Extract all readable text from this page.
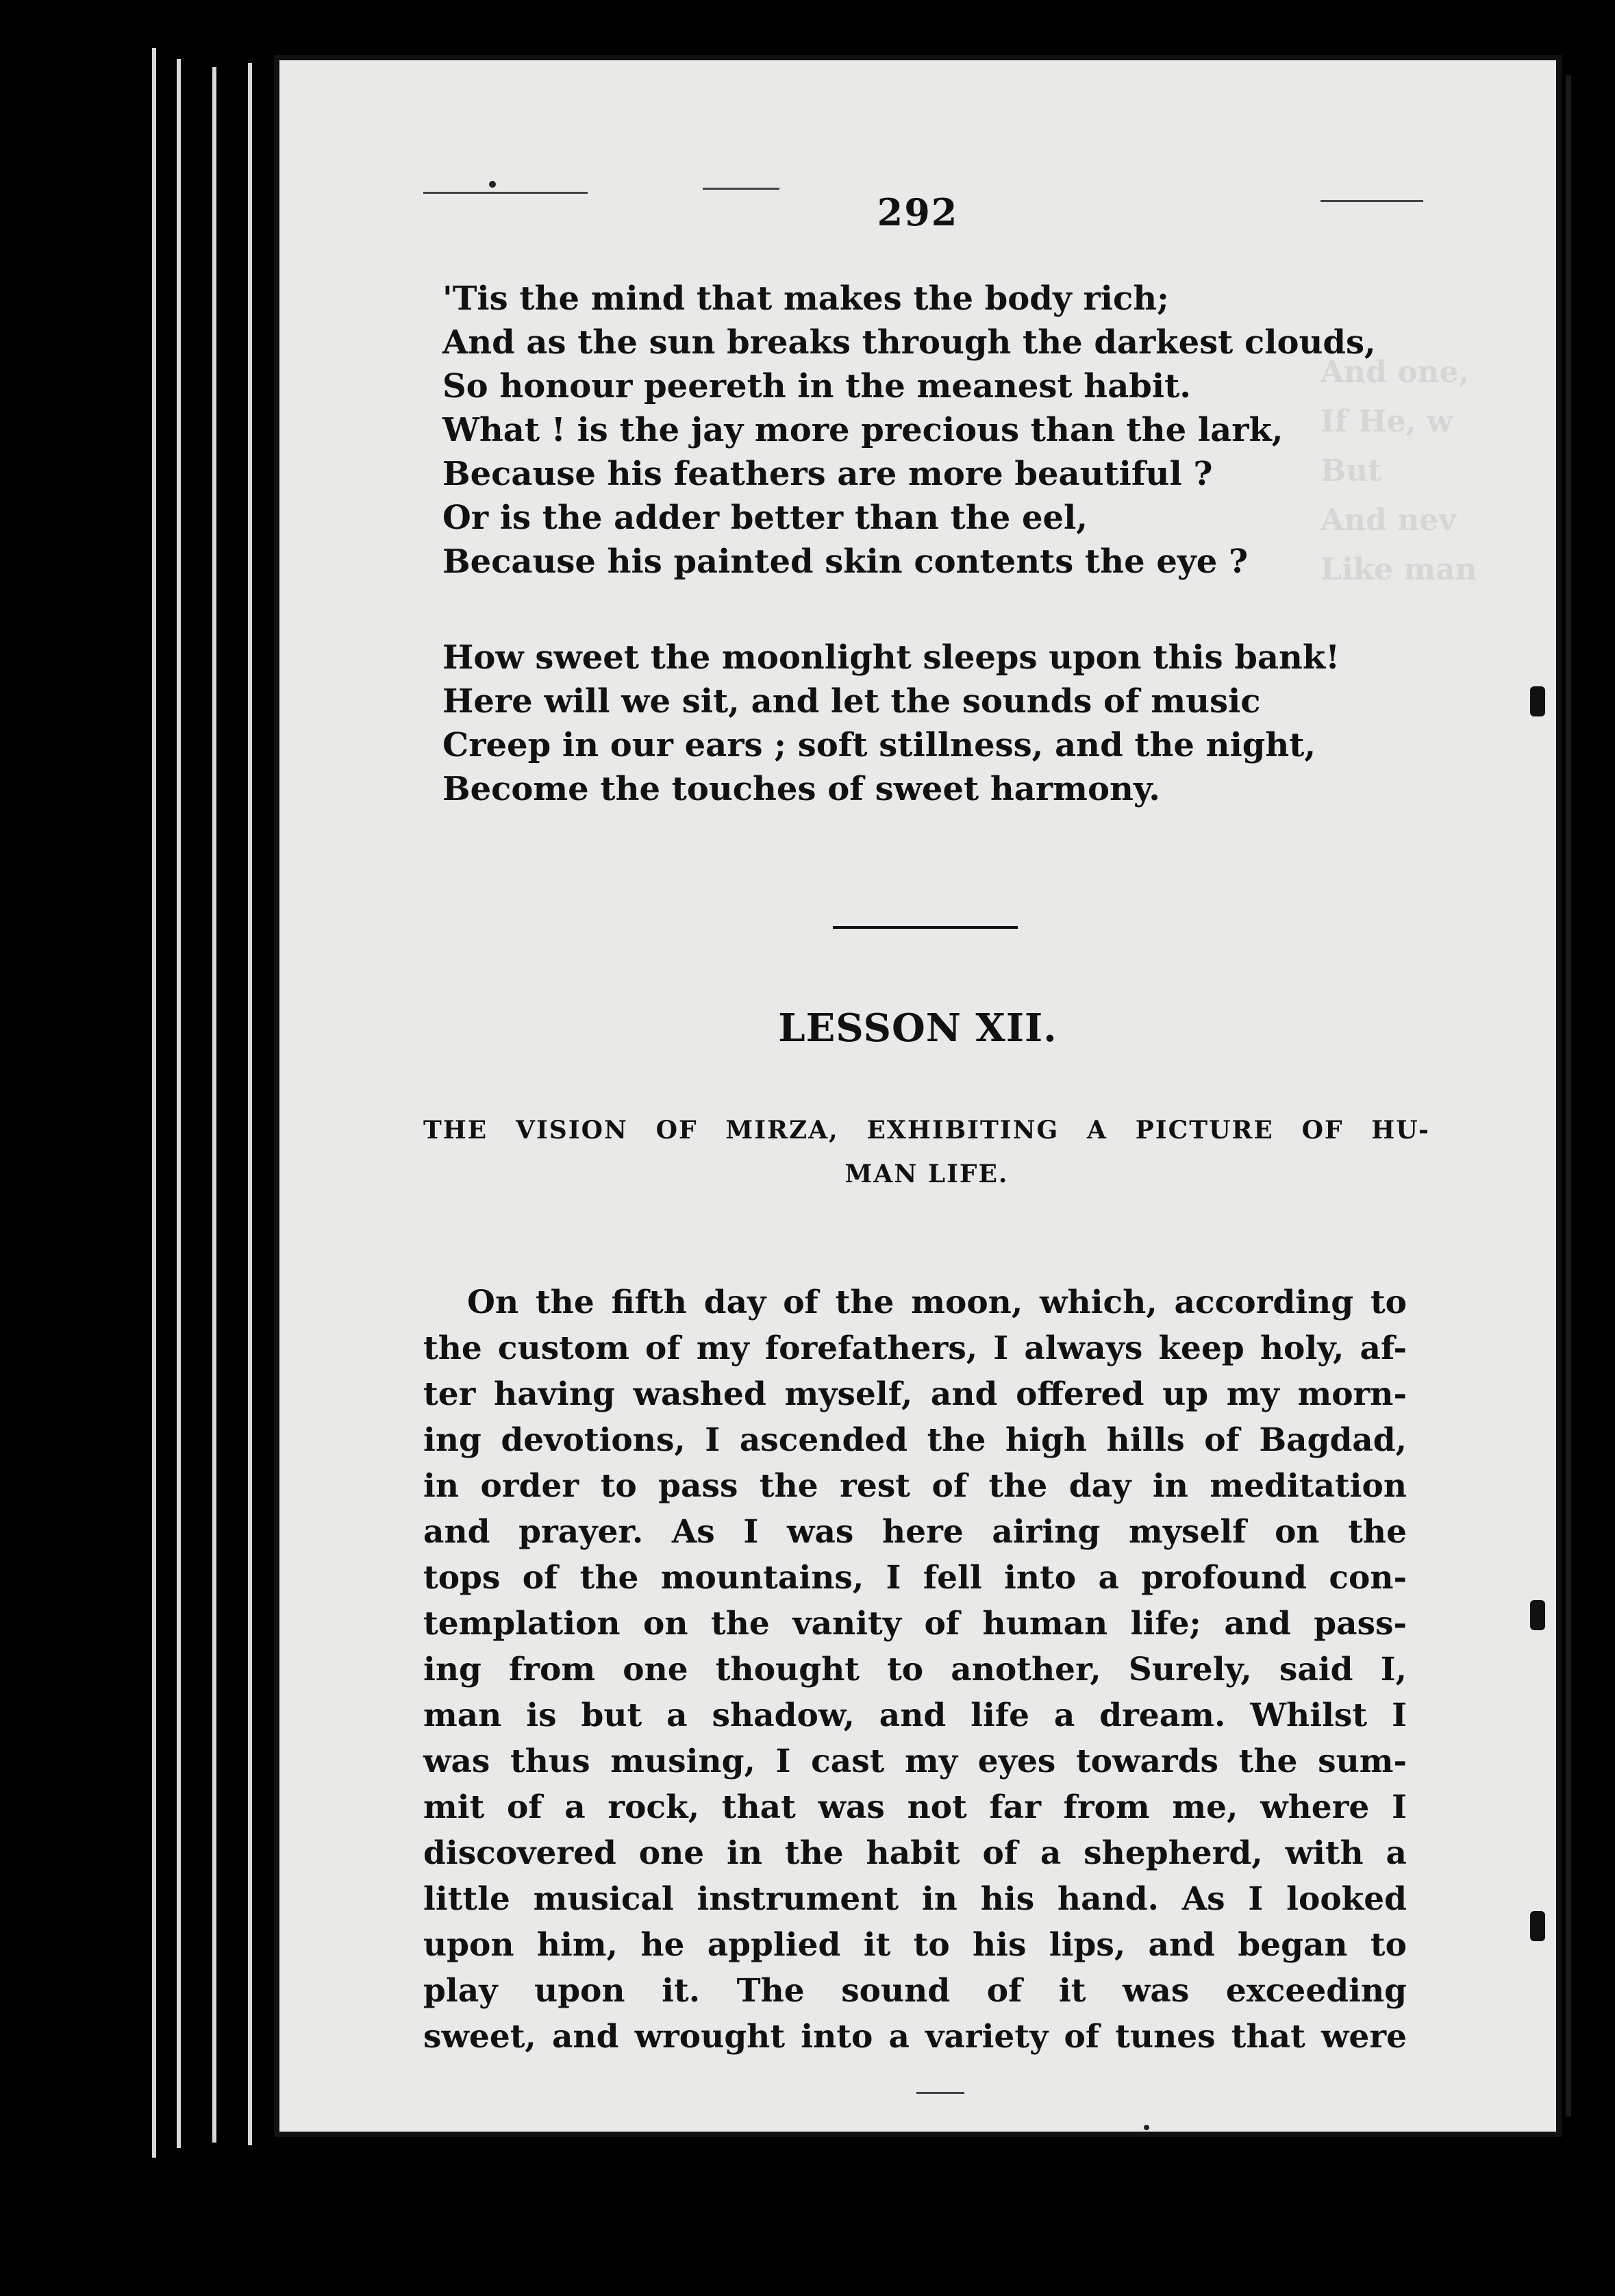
292
And one,
If He, w
But
And nev
Like man
'Tis the mind that makes the body rich;
And as the sun breaks through the darkest clouds,
So honour peereth in the meanest habit.
What ! is the jay more precious than the lark,
Because his feathers are more beautiful ?
Or is the adder better than the eel,
Because his painted skin contents the eye ?
How sweet the moonlight sleeps upon this bank!
Here will we sit, and let the sounds of music
Creep in our ears ; soft stillness, and the night,
Become the touches of sweet harmony.
LESSON XII.
THE VISION OF MIRZA, EXHIBITING A PICTURE OF HU-
MAN LIFE.
On the fifth day of the moon, which, according to
the custom of my forefathers, I always keep holy, af-
ter having washed myself, and offered up my morn-
ing devotions, I ascended the high hills of Bagdad,
in order to pass the rest of the day in meditation
and prayer. As I was here airing myself on the
tops of the mountains, I fell into a profound con-
templation on the vanity of human life; and pass-
ing from one thought to another, Surely, said I,
man is but a shadow, and life a dream. Whilst I
was thus musing, I cast my eyes towards the sum-
mit of a rock, that was not far from me, where I
discovered one in the habit of a shepherd, with a
little musical instrument in his hand. As I looked
upon him, he applied it to his lips, and began to
play upon it. The sound of it was exceeding
sweet, and wrought into a variety of tunes that were
